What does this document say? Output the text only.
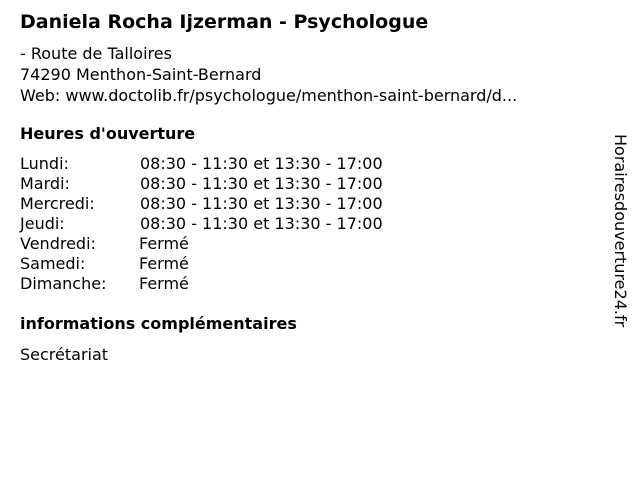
Daniela Rocha Ijzerman - Psychologue
- Route de Talloires
74290 Menthon-Saint-Bernard
Web: www.doctolib.fr/psychologue/menthon-saint-bernard/d...
Heures d'ouverture
Lundi:	08:30 - 11:30 et 13:30 - 17:00
Mardi:	08:30 - 11:30 et 13:30 - 17:00
Mercredi:	08:30 - 11:30 et 13:30 - 17:00
Jeudi:	08:30 - 11:30 et 13:30 - 17:00
Vendredi:	Fermé
Samedi:	Fermé
Dimanche: Fermé
informations complémentaires
Secrétariat
Horairesdouverture24.fr
